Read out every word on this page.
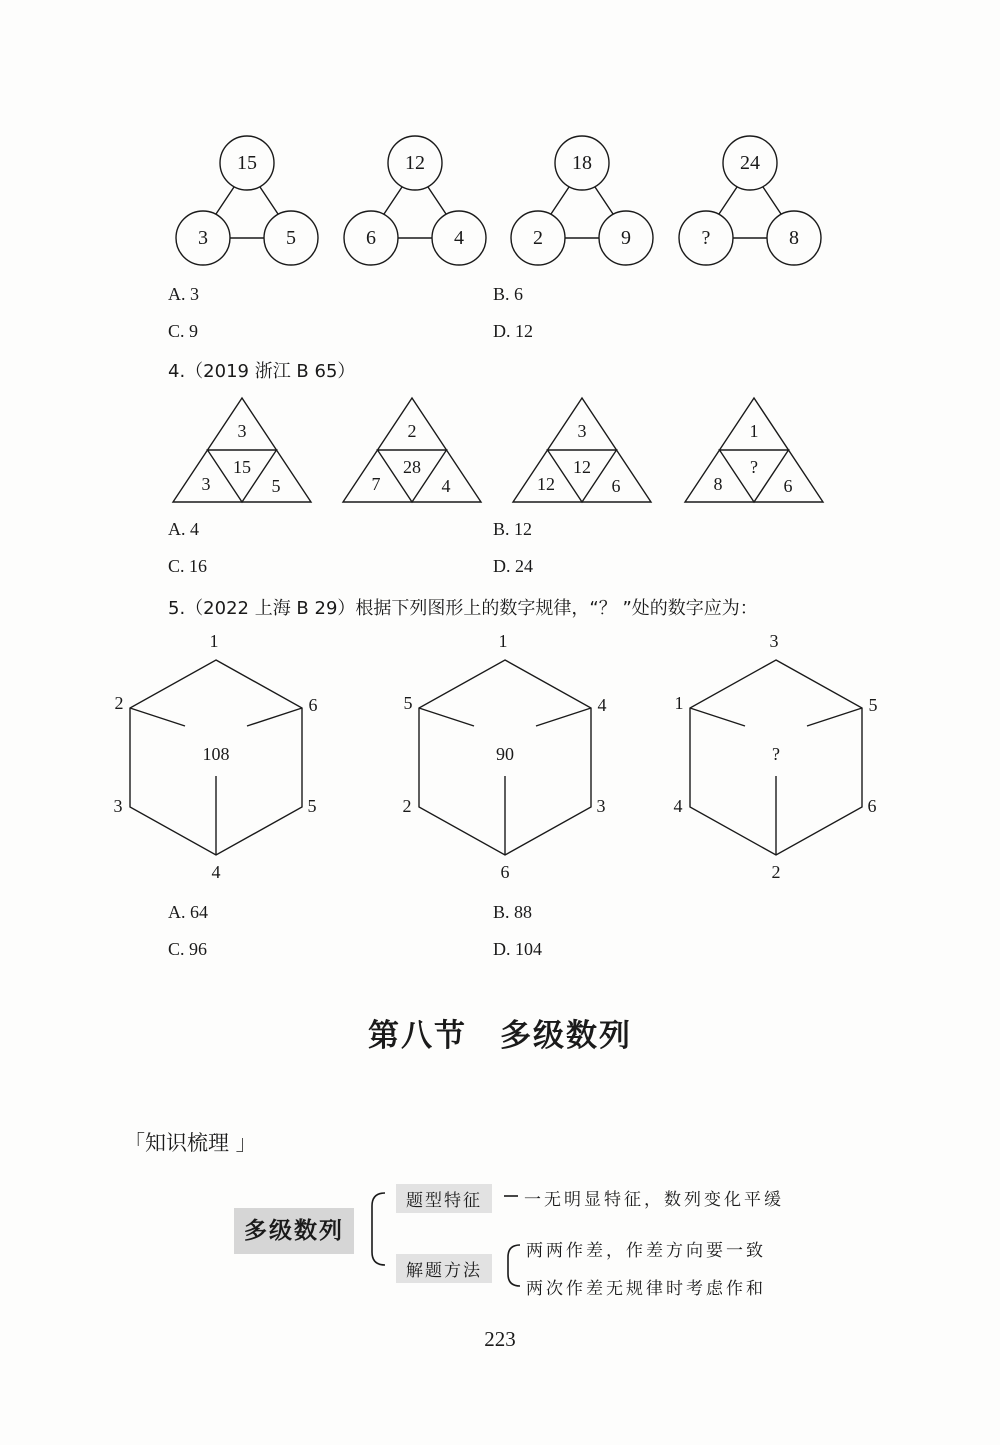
15
3	5
12
6	4
18
2	9
24
?	8
3
15
3	5
2
28
7	4
3
12
12	6
1
?
8	6
1
2	6
3	5
4
108
1
5	4
2	3
6
90
3
1	5
4	6
2
?
A. 3	B. 6
C. 9	D. 12
4.（2019 浙江 B 65）
A. 4	B. 12
C. 16	D. 24
5.（2022 上海 B 29）根据下列图形上的数字规律，“？ ”处的数字应为：
A. 64	B. 88
C. 96	D. 104
第八节　多级数列
「知识梳理 」
多级数列
题型特征	一无明显特征，数列变化平缓
解题方法
两两作差，作差方向要一致
两次作差无规律时考虑作和
223
